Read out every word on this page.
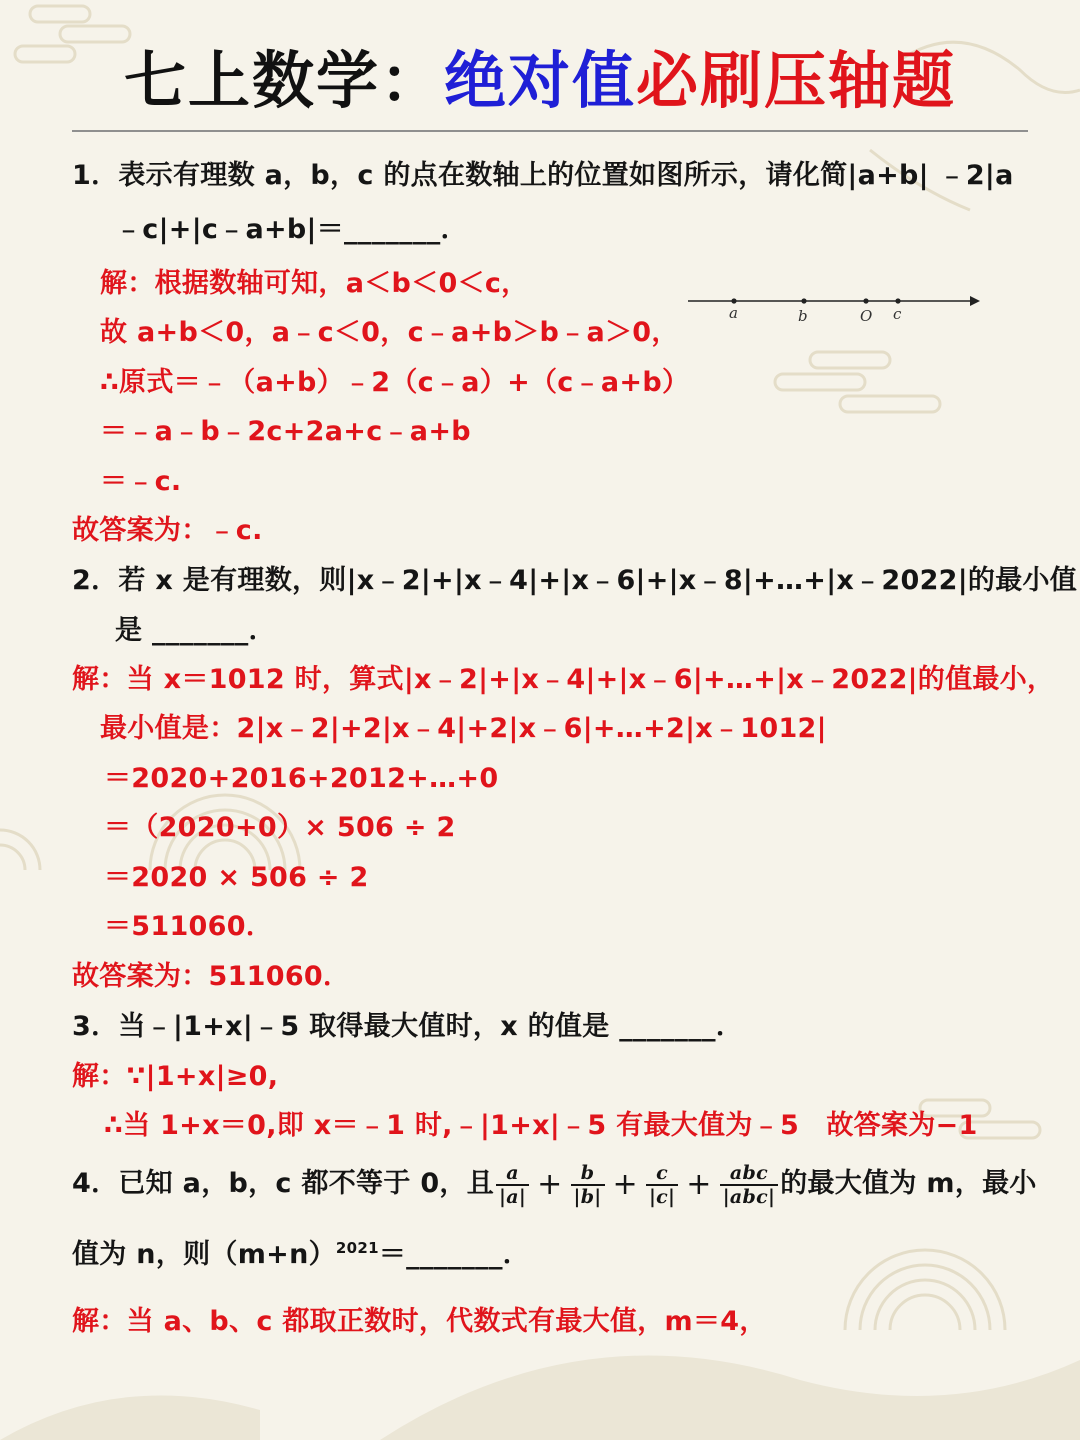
七上数学：绝对值必刷压轴题
1．表示有理数 a，b，c 的点在数轴上的位置如图所示，请化简|a+b| ﹣2|a
﹣c|+|c﹣a+b|＝_______．
解：根据数轴可知，a＜b＜0＜c，
故 a+b＜0，a﹣c＜0，c﹣a+b＞b﹣a＞0，
∴原式＝﹣（a+b）﹣2（c﹣a）+（c﹣a+b）
＝﹣a﹣b﹣2c+2a+c﹣a+b
＝﹣c.
故答案为：﹣c.
a	b	O c
2．若 x 是有理数，则|x﹣2|+|x﹣4|+|x﹣6|+|x﹣8|+…+|x﹣2022|的最小值
是 _______．
解：当 x＝1012 时，算式|x﹣2|+|x﹣4|+|x﹣6|+…+|x﹣2022|的值最小，
最小值是：2|x﹣2|+2|x﹣4|+2|x﹣6|+…+2|x﹣1012|
＝2020+2016+2012+…+0
＝（2020+0）× 506 ÷ 2
＝2020 × 506 ÷ 2
＝511060．
故答案为：511060．
3．当﹣|1+x|﹣5 取得最大值时，x 的值是 _______．
解：∵|1+x|≥0,
∴当 1+x＝0,即 x＝﹣1 时,﹣|1+x|﹣5 有最大值为﹣5　故答案为−1
4．已知 a，b，c 都不等于 0，且 $\frac{a}{|a|} + \frac{b}{|b|} + \frac{c}{|c|} + \frac{\text{abc}}{\text{|abc|}}$ 的最大值为 m，最小
值为 n，则$(m+n)^{2021}=\_\_\_\_\_\_\_$．
解：当 a、b、c 都取正数时，代数式有最大值，m＝4，
